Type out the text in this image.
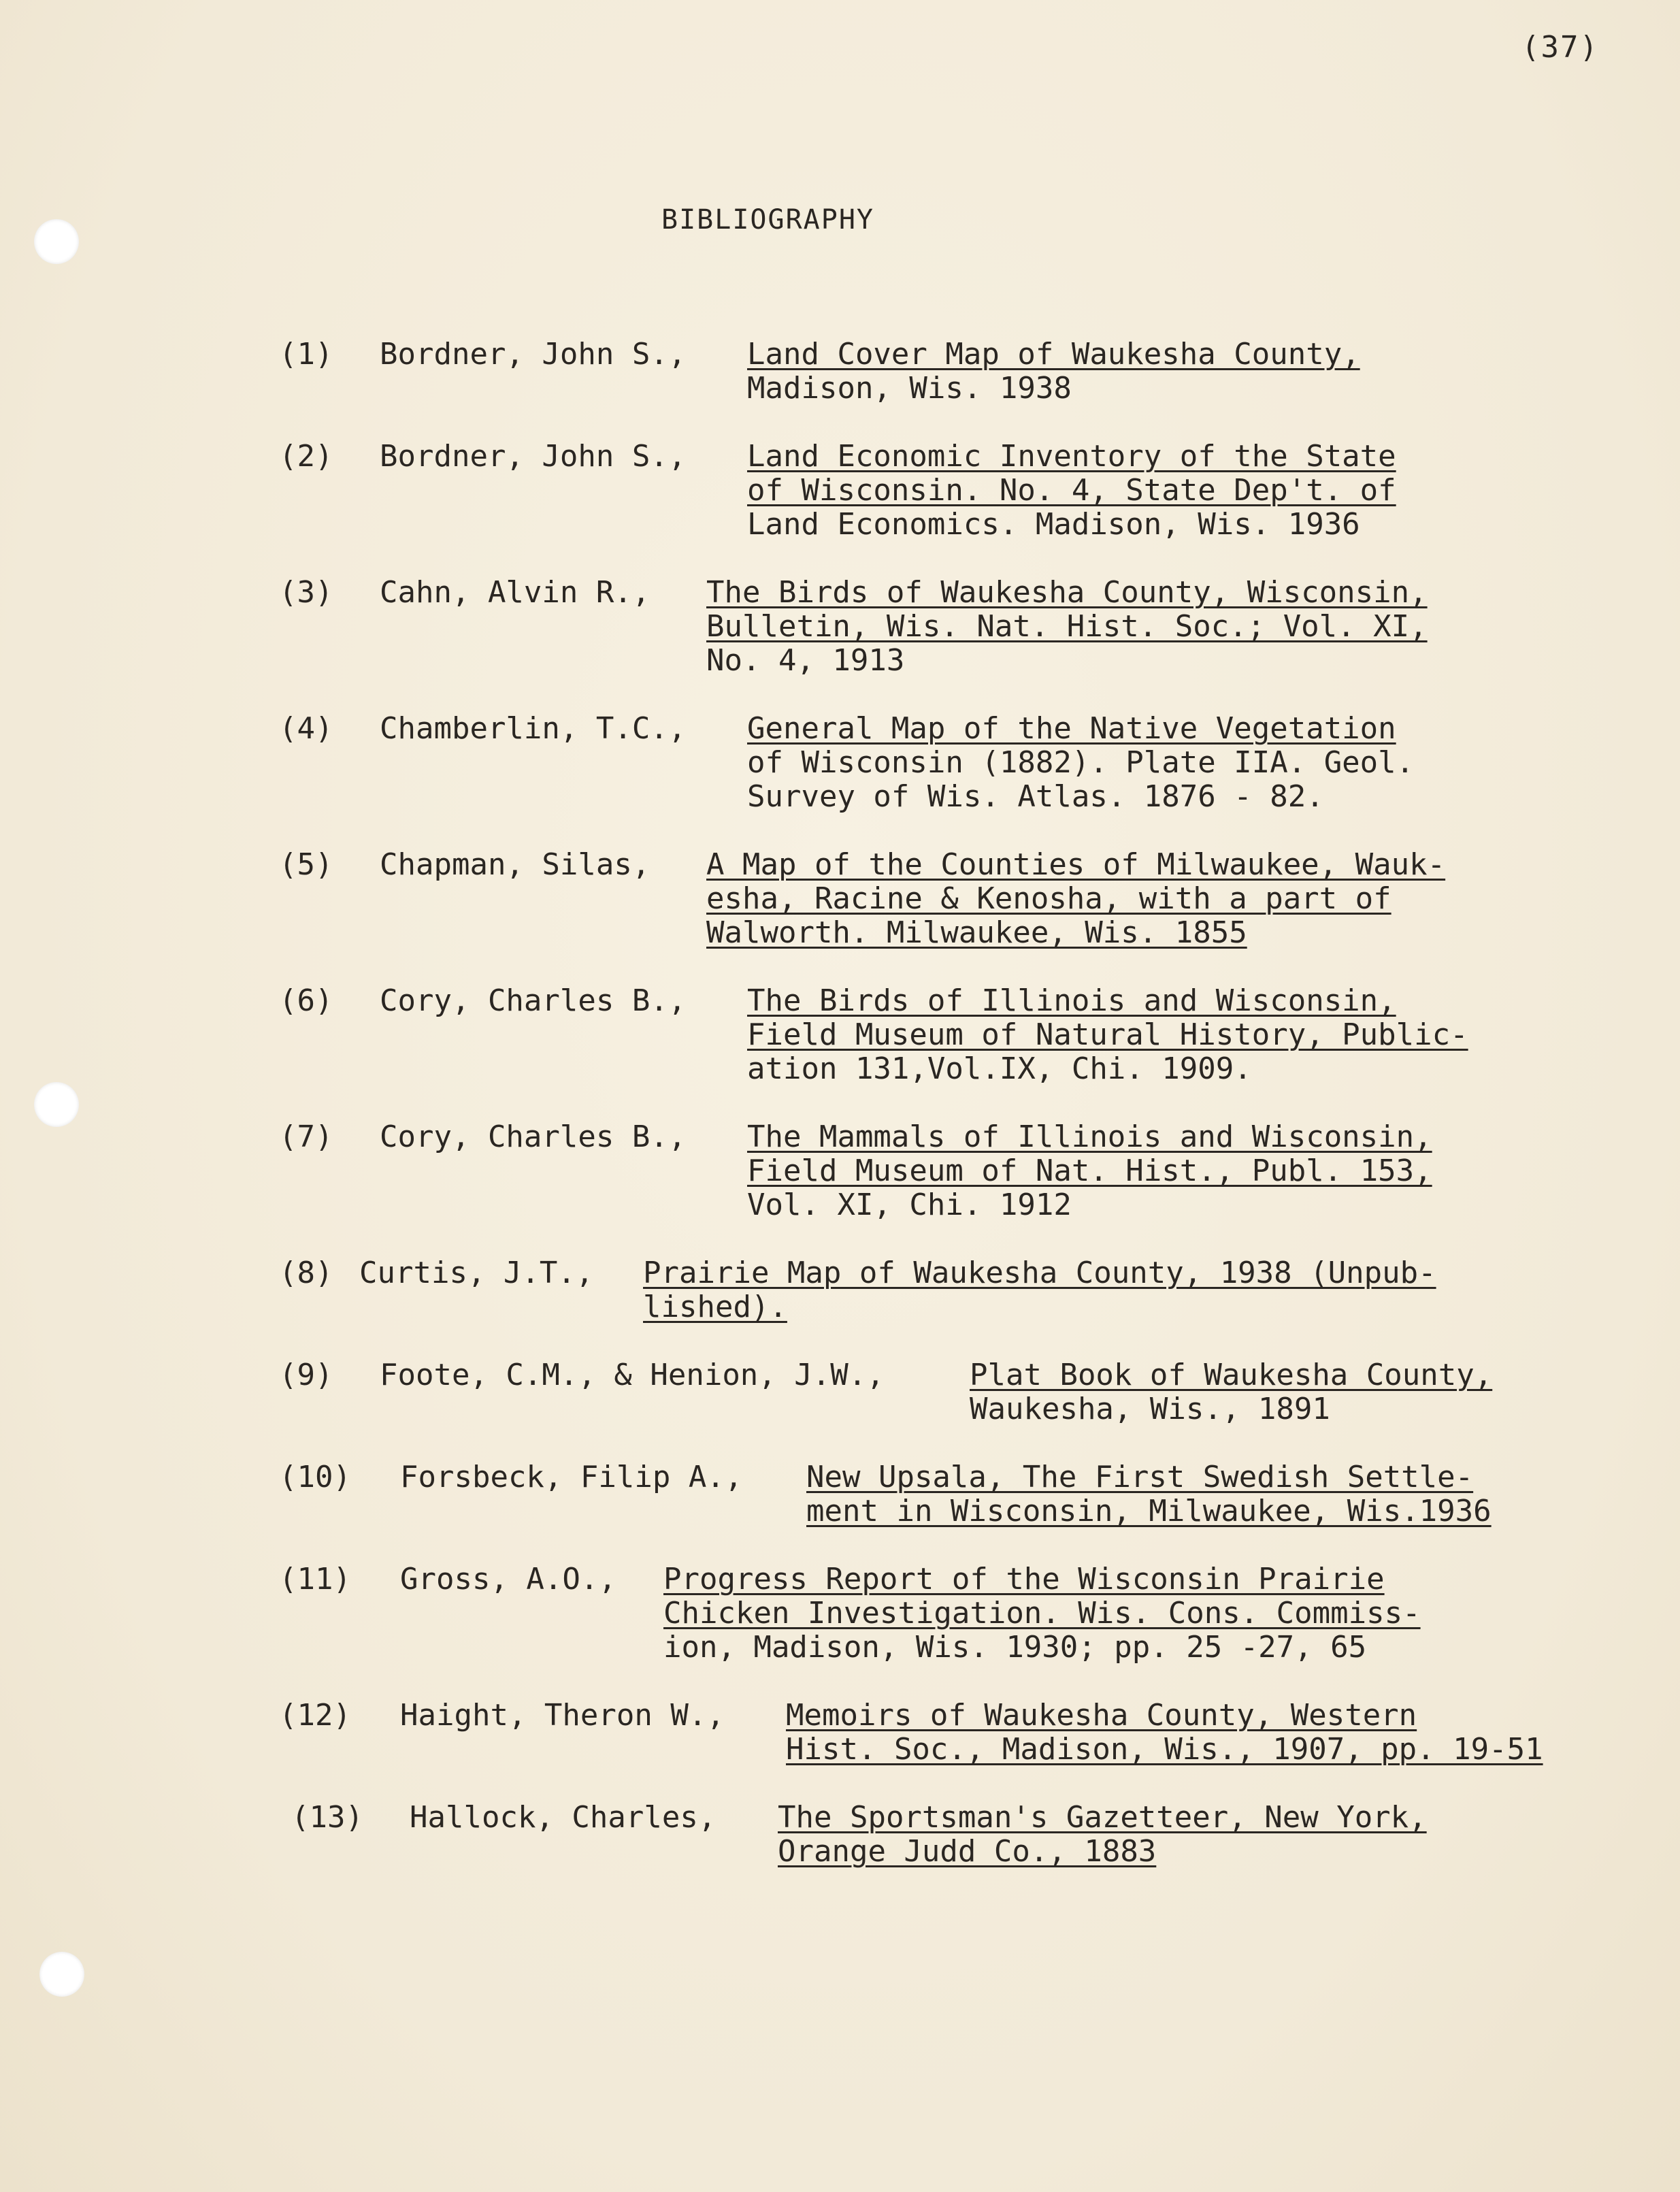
(37)
BIBLIOGRAPHY
(1) Bordner, John S., Land Cover Map of Waukesha County,
Madison, Wis. 1938
(2) Bordner, John S., Land Economic Inventory of the State
of Wisconsin. No. 4, State Dep't. of
Land Economics. Madison, Wis. 1936
(3) Cahn, Alvin R., The Birds of Waukesha County, Wisconsin,
Bulletin, Wis. Nat. Hist. Soc.; Vol. XI,
No. 4, 1913
(4) Chamberlin, T.C., General Map of the Native Vegetation
of Wisconsin (1882). Plate IIA. Geol.
Survey of Wis. Atlas. 1876 - 82.
(5) Chapman, Silas, A Map of the Counties of Milwaukee, Wauk-
esha, Racine & Kenosha, with a part of
Walworth. Milwaukee, Wis. 1855
(6) Cory, Charles B., The Birds of Illinois and Wisconsin,
Field Museum of Natural History, Public-
ation 131,Vol.IX, Chi. 1909.
(7) Cory, Charles B., The Mammals of Illinois and Wisconsin,
Field Museum of Nat. Hist., Publ. 153,
Vol. XI, Chi. 1912
(8) Curtis, J.T., Prairie Map of Waukesha County, 1938 (Unpub-
lished).
(9) Foote, C.M., & Henion, J.W.,	Plat Book of Waukesha County,
Waukesha, Wis., 1891
(10) Forsbeck, Filip A., New Upsala, The First Swedish Settle-
ment in Wisconsin, Milwaukee, Wis.1936
(11) Gross, A.O., Progress Report of the Wisconsin Prairie
Chicken Investigation. Wis. Cons. Commiss-
ion, Madison, Wis. 1930; pp. 25 -27, 65
(12) Haight, Theron W., Memoirs of Waukesha County, Western
Hist. Soc., Madison, Wis., 1907, pp. 19-51
(13) Hallock, Charles, The Sportsman's Gazetteer, New York,
Orange Judd Co., 1883
